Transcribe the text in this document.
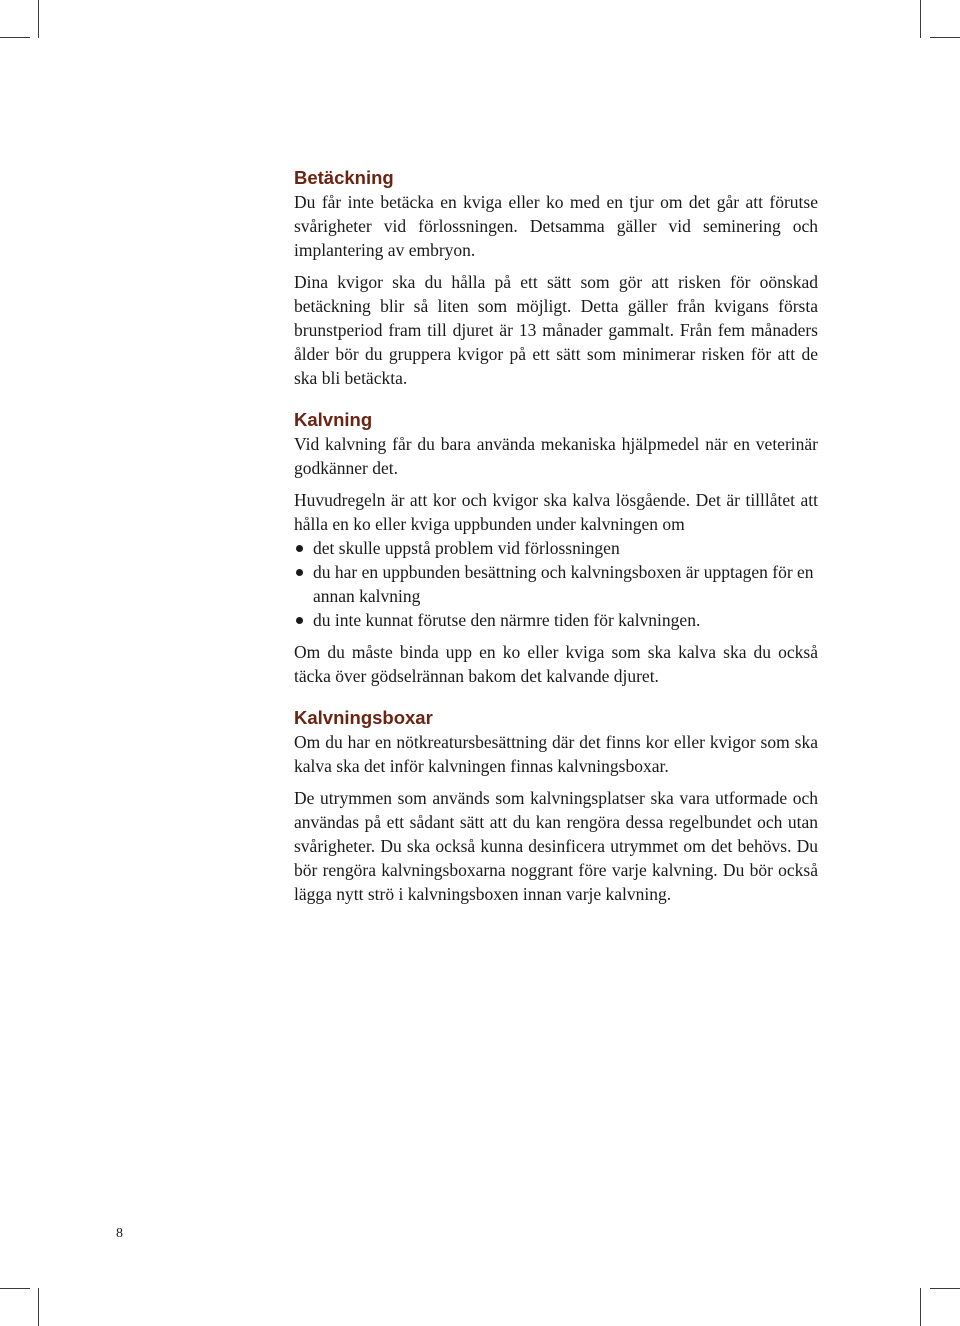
Betäckning

Du får inte betäcka en kviga eller ko med en tjur om det går att förutse svårigheter vid förlossningen. Detsamma gäller vid seminering och implantering av embryon.

Dina kvigor ska du hålla på ett sätt som gör att risken för oönskad betäckning blir så liten som möjligt. Detta gäller från kvigans första brunstperiod fram till djuret är 13 månader gammalt. Från fem månaders ålder bör du gruppera kvigor på ett sätt som minimerar risken för att de ska bli betäckta.

Kalvning

Vid kalvning får du bara använda mekaniska hjälpmedel när en veterinär godkänner det.

Huvudregeln är att kor och kvigor ska kalva lösgående. Det är tilllåtet att hålla en ko eller kviga uppbunden under kalvningen om

det skulle uppstå problem vid förlossningen
du har en uppbunden besättning och kalvningsboxen är upptagen för en annan kalvning
du inte kunnat förutse den närmre tiden för kalvningen.

Om du måste binda upp en ko eller kviga som ska kalva ska du också täcka över gödselrännan bakom det kalvande djuret.

Kalvningsboxar

Om du har en nötkreatursbesättning där det finns kor eller kvigor som ska kalva ska det inför kalvningen finnas kalvningsboxar.

De utrymmen som används som kalvningsplatser ska vara utformade och användas på ett sådant sätt att du kan rengöra dessa regelbundet och utan svårigheter. Du ska också kunna desinficera utrymmet om det behövs. Du bör rengöra kalvningsboxarna noggrant före varje kalvning. Du bör också lägga nytt strö i kalvningsboxen innan varje kalvning.

8
